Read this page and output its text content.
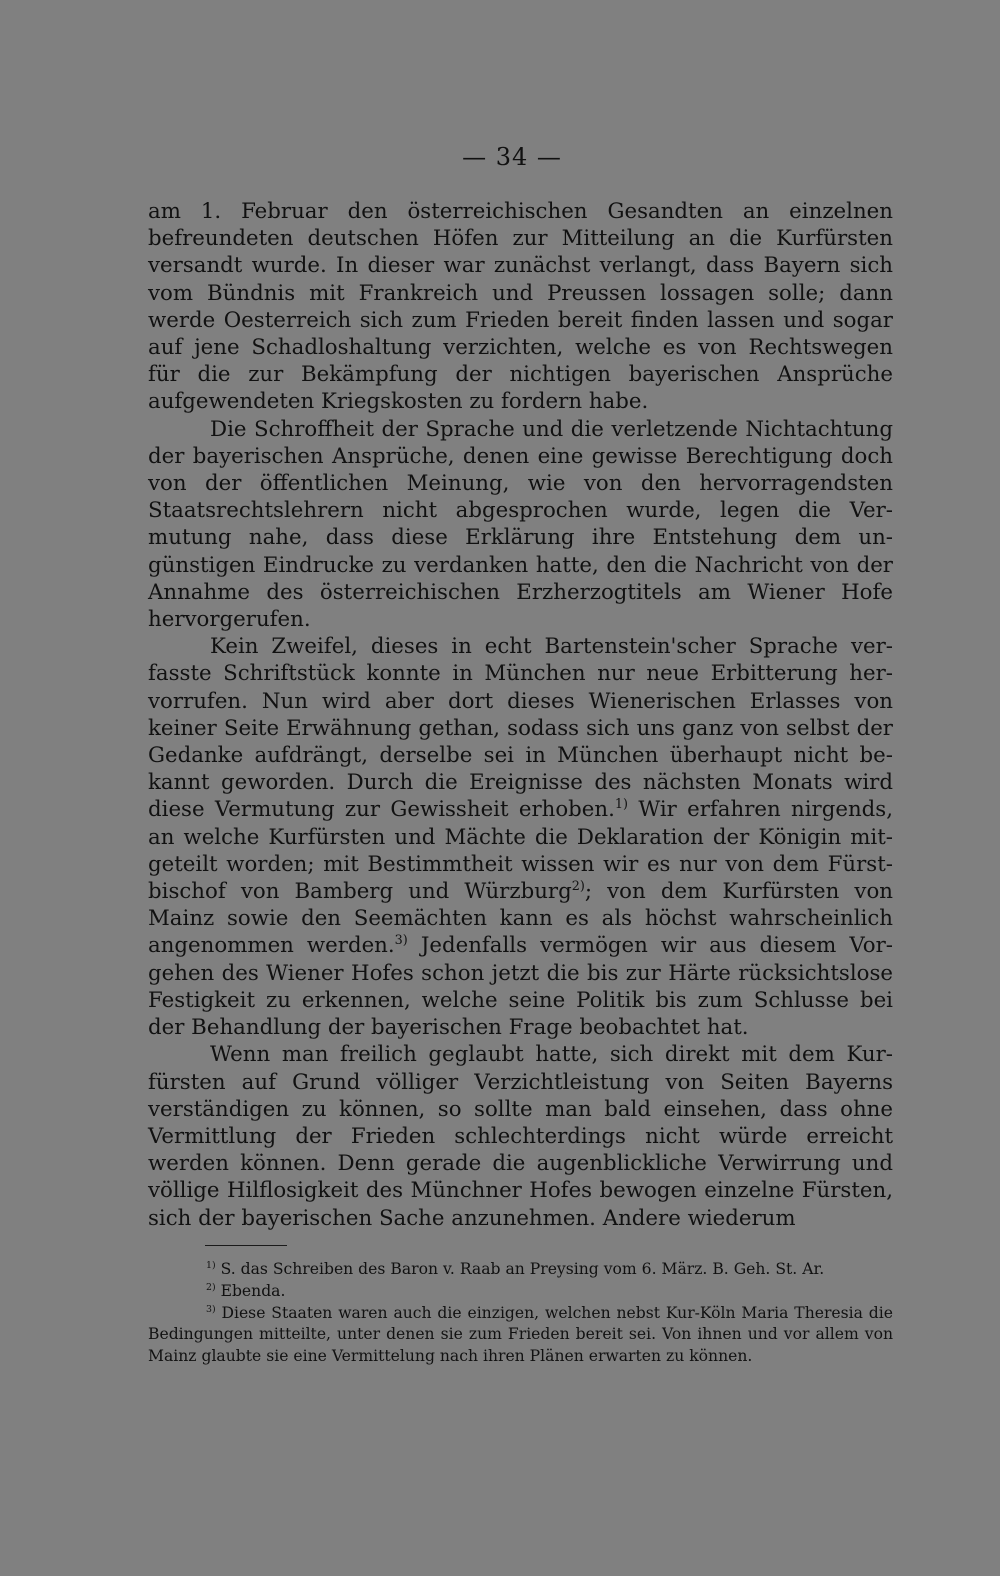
— 34 —

am 1. Februar den österreichischen Gesandten an einzelnen befreundeten deutschen Höfen zur Mitteilung an die Kurfürsten versandt wurde. In dieser war zunächst verlangt, dass Bayern sich vom Bündnis mit Frankreich und Preussen lossagen solle; dann werde Oesterreich sich zum Frieden bereit finden lassen und sogar auf jene Schadloshaltung verzichten, welche es von Rechtswegen für die zur Bekämpfung der nichtigen bayerischen Ansprüche aufgewendeten Kriegskosten zu fordern habe.

Die Schroffheit der Sprache und die verletzende Nichtachtung der bayerischen Ansprüche, denen eine gewisse Berechtigung doch von der öffentlichen Meinung, wie von den hervorragendsten Staatsrechtslehrern nicht abgesprochen wurde, legen die Vermutung nahe, dass diese Erklärung ihre Entstehung dem ungünstigen Eindrucke zu verdanken hatte, den die Nachricht von der Annahme des österreichischen Erzherzogtitels am Wiener Hofe hervorgerufen.

Kein Zweifel, dieses in echt Bartenstein'scher Sprache verfasste Schriftstück konnte in München nur neue Erbitterung hervorrufen. Nun wird aber dort dieses Wienerischen Erlasses von keiner Seite Erwähnung gethan, sodass sich uns ganz von selbst der Gedanke aufdrängt, derselbe sei in München überhaupt nicht bekannt geworden. Durch die Ereignisse des nächsten Monats wird diese Vermutung zur Gewissheit erhoben.$^{1)}$ Wir erfahren nirgends, an welche Kurfürsten und Mächte die Deklaration der Königin mitgeteilt worden; mit Bestimmtheit wissen wir es nur von dem Fürstbischof von Bamberg und Würzburg$^{2)}$; von dem Kurfürsten von Mainz sowie den Seemächten kann es als höchst wahrscheinlich angenommen werden.$^{3)}$ Jedenfalls vermögen wir aus diesem Vorgehen des Wiener Hofes schon jetzt die bis zur Härte rücksichtslose Festigkeit zu erkennen, welche seine Politik bis zum Schlusse bei der Behandlung der bayerischen Frage beobachtet hat.

Wenn man freilich geglaubt hatte, sich direkt mit dem Kurfürsten auf Grund völliger Verzichtleistung von Seiten Bayerns verständigen zu können, so sollte man bald einsehen, dass ohne Vermittlung der Frieden schlechterdings nicht würde erreicht werden können. Denn gerade die augenblickliche Verwirrung und völlige Hilflosigkeit des Münchner Hofes bewogen einzelne Fürsten, sich der bayerischen Sache anzunehmen. Andere wiederum

$^{1)}$ S. das Schreiben des Baron v. Raab an Preysing vom 6. März. B. Geh. St. Ar.

$^{2)}$ Ebenda.

$^{3)}$ Diese Staaten waren auch die einzigen, welchen nebst Kur-Köln Maria Theresia die Bedingungen mitteilte, unter denen sie zum Frieden bereit sei. Von ihnen und vor allem von Mainz glaubte sie eine Vermittelung nach ihren Plänen erwarten zu können.
